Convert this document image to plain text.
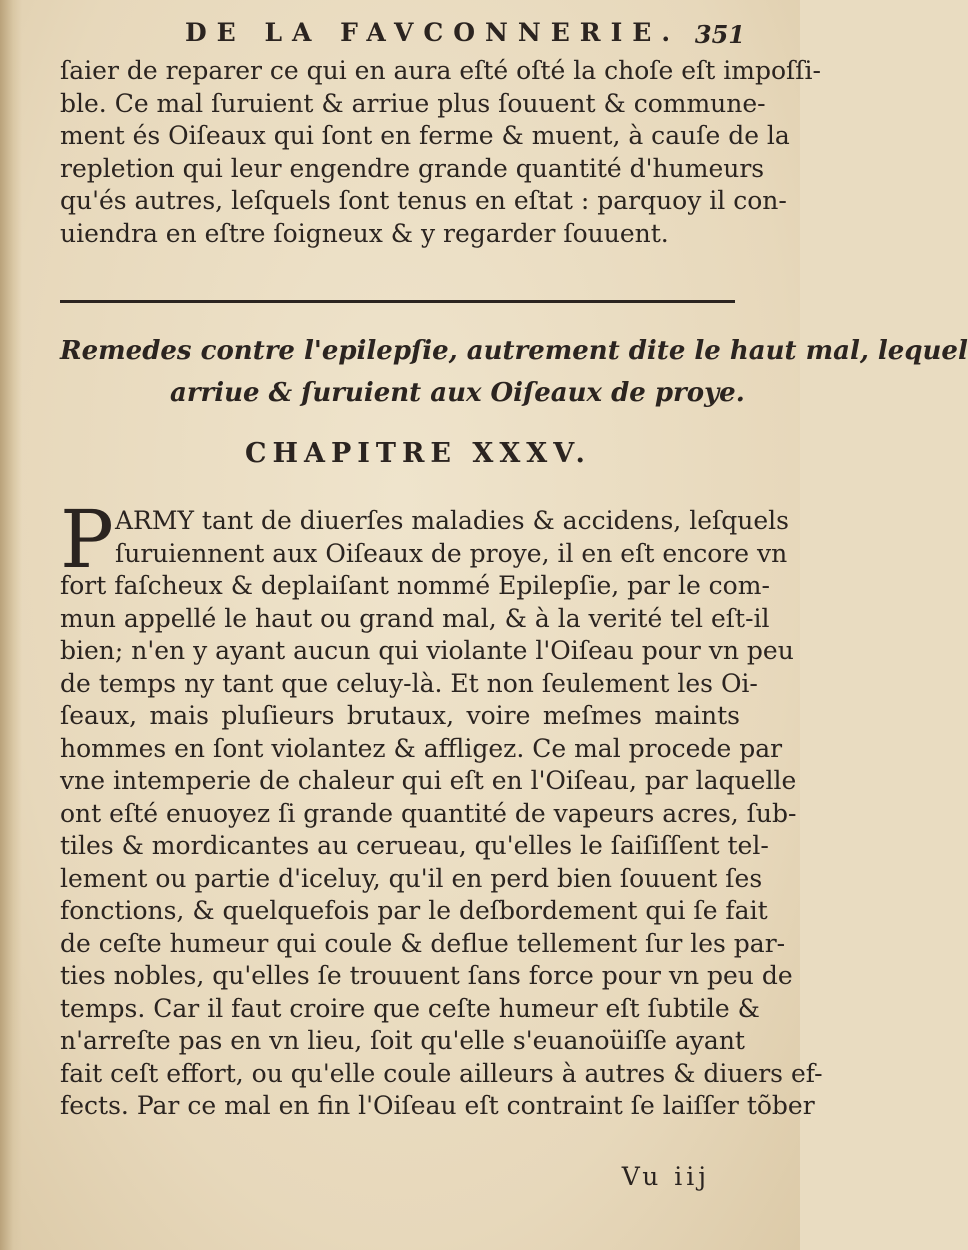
DE LA FAVCONNERIE. 351
ſaier de reparer ce qui en aura eſté oſté la choſe eſt impoſſi-
ble. Ce mal ſuruient & arriue plus ſouuent & commune-
ment és Oiſeaux qui ſont en ferme & muent, à cauſe de la
repletion qui leur engendre grande quantité d'humeurs
qu'és autres, leſquels ſont tenus en eſtat : parquoy il con-
uiendra en eſtre ſoigneux & y regarder ſouuent.
Remedes contre l'epilepſie, autrement dite le haut mal, lequel
arriue & ſuruient aux Oiſeaux de proye.
CHAPITRE XXXV.
P ARMY tant de diuerſes maladies & accidens, leſquels
ſuruiennent aux Oiſeaux de proye, il en eſt encore vn
fort faſcheux & deplaiſant nommé Epilepſie, par le com-
mun appellé le haut ou grand mal, & à la verité tel eſt-il
bien; n'en y ayant aucun qui violante l'Oiſeau pour vn peu
de temps ny tant que celuy-là. Et non ſeulement les Oi-
ſeaux, mais pluſieurs brutaux, voire meſmes maints
hommes en ſont violantez & affligez. Ce mal procede par
vne intemperie de chaleur qui eſt en l'Oiſeau, par laquelle
ont eſté enuoyez ſi grande quantité de vapeurs acres, ſub-
tiles & mordicantes au cerueau, qu'elles le ſaiſiſſent tel-
lement ou partie d'iceluy, qu'il en perd bien ſouuent ſes
fonctions, & quelquefois par le deſbordement qui ſe fait
de ceſte humeur qui coule & deflue tellement ſur les par-
ties nobles, qu'elles ſe trouuent ſans force pour vn peu de
temps. Car il faut croire que ceſte humeur eſt ſubtile &
n'arreſte pas en vn lieu, ſoit qu'elle s'euanoüiſſe ayant
fait ceſt effort, ou qu'elle coule ailleurs à autres & diuers ef-
fects. Par ce mal en fin l'Oiſeau eſt contraint ſe laiſſer tõber
Vu iij
